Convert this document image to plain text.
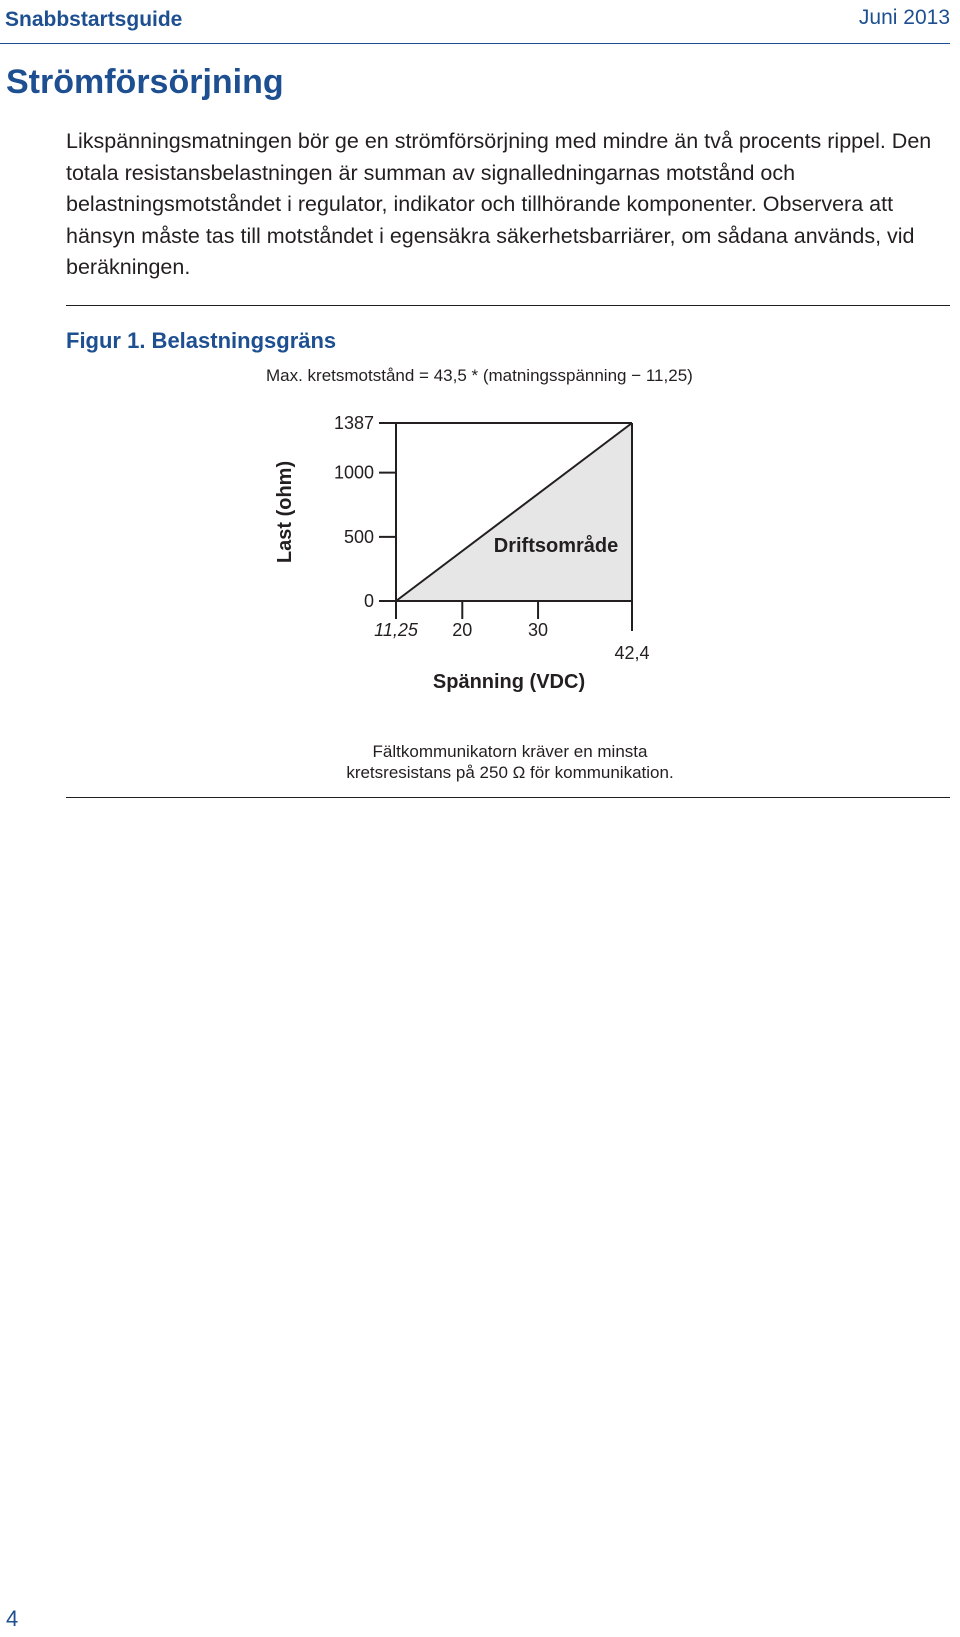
Snabbstartsguide	Juni 2013
Strömförsörjning
Likspänningsmatningen bör ge en strömförsörjning med mindre än två procents rippel. Den totala resistansbelastningen är summan av signalledningarnas motstånd och belastningsmotståndet i regulator, indikator och tillhörande komponenter. Observera att hänsyn måste tas till motståndet i egensäkra säkerhetsbarriärer, om sådana används, vid beräkningen.
Figur 1. Belastningsgräns
Max. kretsmotstånd = 43,5 * (matningsspänning − 11,25)
0
500
1000
1387
11,25 20	30
42,4
Last (ohm)
Spänning (VDC)
Driftsområde
Fältkommunikatorn kräver en minsta
kretsresistans på 250 Ω för kommunikation.
4
